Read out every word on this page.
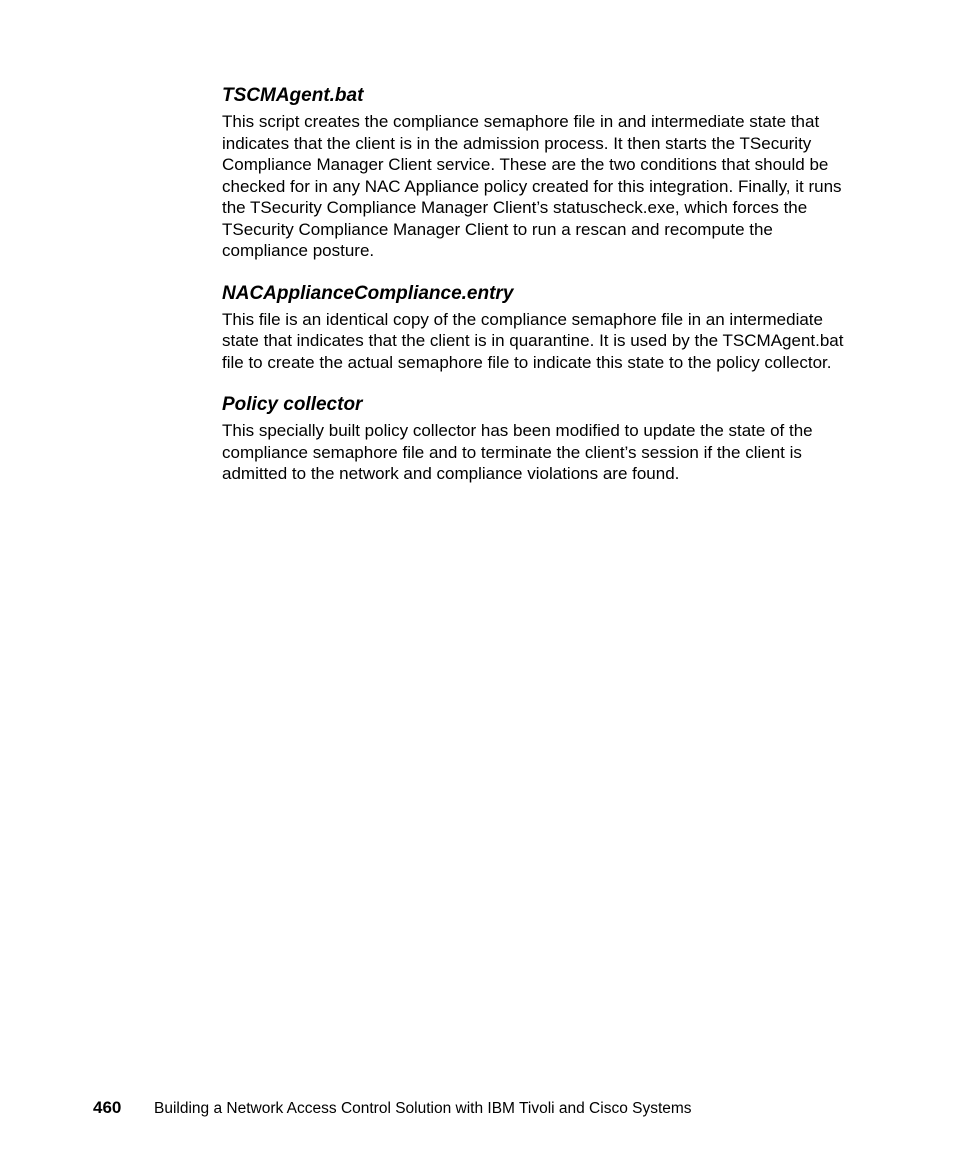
TSCMAgent.bat

This script creates the compliance semaphore file in and intermediate state that indicates that the client is in the admission process. It then starts the TSecurity Compliance Manager Client service. These are the two conditions that should be checked for in any NAC Appliance policy created for this integration. Finally, it runs the TSecurity Compliance Manager Client’s statuscheck.exe, which forces the TSecurity Compliance Manager Client to run a rescan and recompute the compliance posture.

NACApplianceCompliance.entry

This file is an identical copy of the compliance semaphore file in an intermediate state that indicates that the client is in quarantine. It is used by the TSCMAgent.bat file to create the actual semaphore file to indicate this state to the policy collector.

Policy collector

This specially built policy collector has been modified to update the state of the compliance semaphore file and to terminate the client’s session if the client is admitted to the network and compliance violations are found.

460 Building a Network Access Control Solution with IBM Tivoli and Cisco Systems
